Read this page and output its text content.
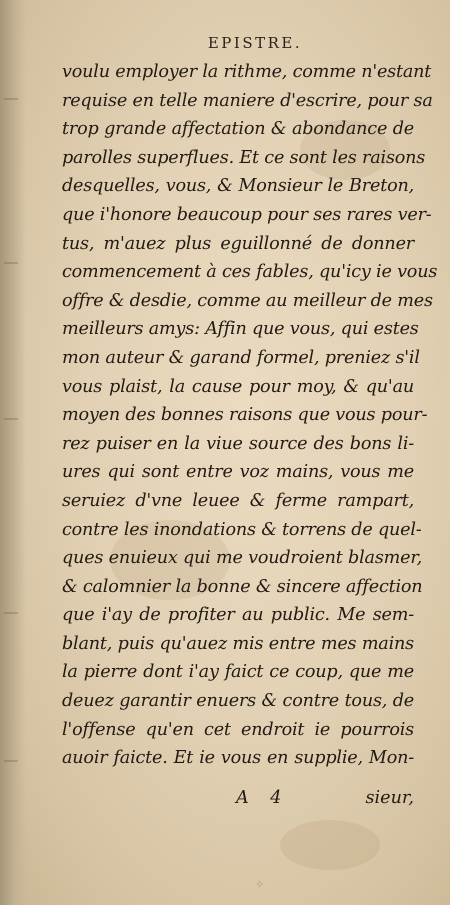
EPISTRE.
voulu employer la rithme, comme n'estant
requise en telle maniere d'escrire, pour sa
trop grande affectation & abondance de
parolles superflues. Et ce sont les raisons
desquelles, vous, & Monsieur le Breton,
que i'honore beaucoup pour ses rares ver-
tus, m'auez plus eguillonné de donner
commencement à ces fables, qu'icy ie vous
offre & desdie, comme au meilleur de mes
meilleurs amys: Affin que vous, qui estes
mon auteur & garand formel, preniez s'il
vous plaist, la cause pour moy, & qu'au
moyen des bonnes raisons que vous pour-
rez puiser en la viue source des bons li-
ures qui sont entre voz mains, vous me
seruiez d'vne leuee & ferme rampart,
contre les inondations & torrens de quel-
ques enuieux qui me voudroient blasmer,
& calomnier la bonne & sincere affection
que i'ay de profiter au public. Me sem-
blant, puis qu'auez mis entre mes mains
la pierre dont i'ay faict ce coup, que me
deuez garantir enuers & contre tous, de
l'offense qu'en cet endroit ie pourrois
auoir faicte. Et ie vous en supplie, Mon-
A 4	sieur,
✧
